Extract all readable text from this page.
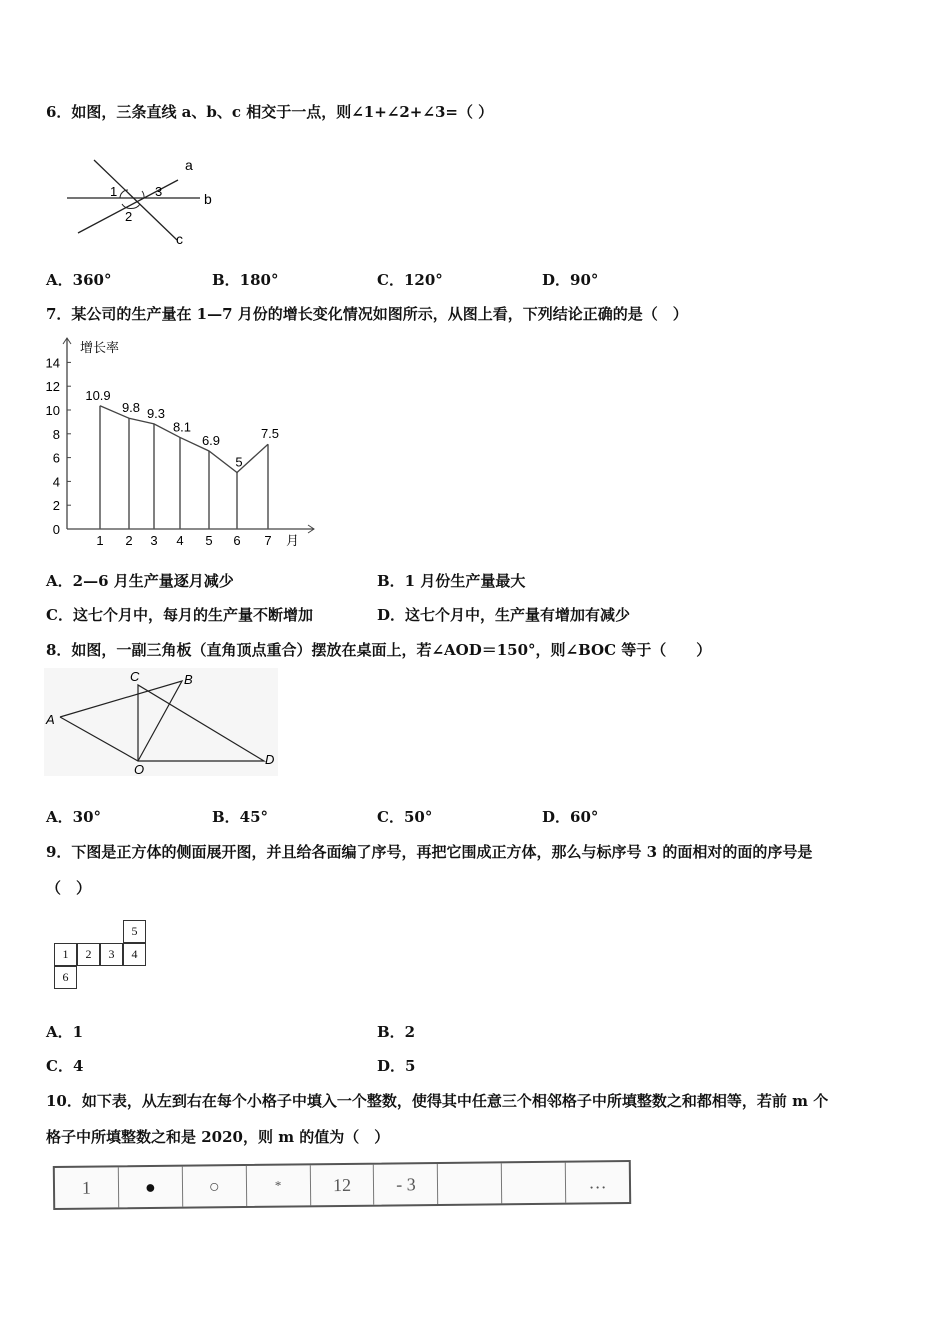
6．如图，三条直线 a、b、c 相交于一点，则∠1+∠2+∠3=（ ）
a
b
c
1
2
3
A．360°	B．180°	C．120°	D．90°
7．某公司的生产量在 1—7 月份的增长变化情况如图所示，从图上看，下列结论正确的是（　）
增长率
月
0
2
4
6
8
10
12
14
1
10.9
2
9.8
3
9.3
4
8.1
5
6.9
6
5
7
7.5
A．2—6 月生产量逐月减少	B．1 月份生产量最大
C．这七个月中，每月的生产量不断增加	D．这七个月中，生产量有增加有减少
8．如图，一副三角板（直角顶点重合）摆放在桌面上，若∠AOD＝150°，则∠BOC 等于（　　）
A
B
C
D
O
A．30°	B．45°	C．50°	D．60°
9．下图是正方体的侧面展开图，并且给各面编了序号，再把它围成正方体，那么与标序号 3 的面相对的面的序号是
（　）
1	2	3	4
5
6
A．1	B．2
C．4	D．5
10．如下表，从左到右在每个小格子中填入一个整数，使得其中任意三个相邻格子中所填整数之和都相等，若前 m 个
格子中所填整数之和是 2020，则 m 的值为（　）
1	●	○	*	12	- 3	…
